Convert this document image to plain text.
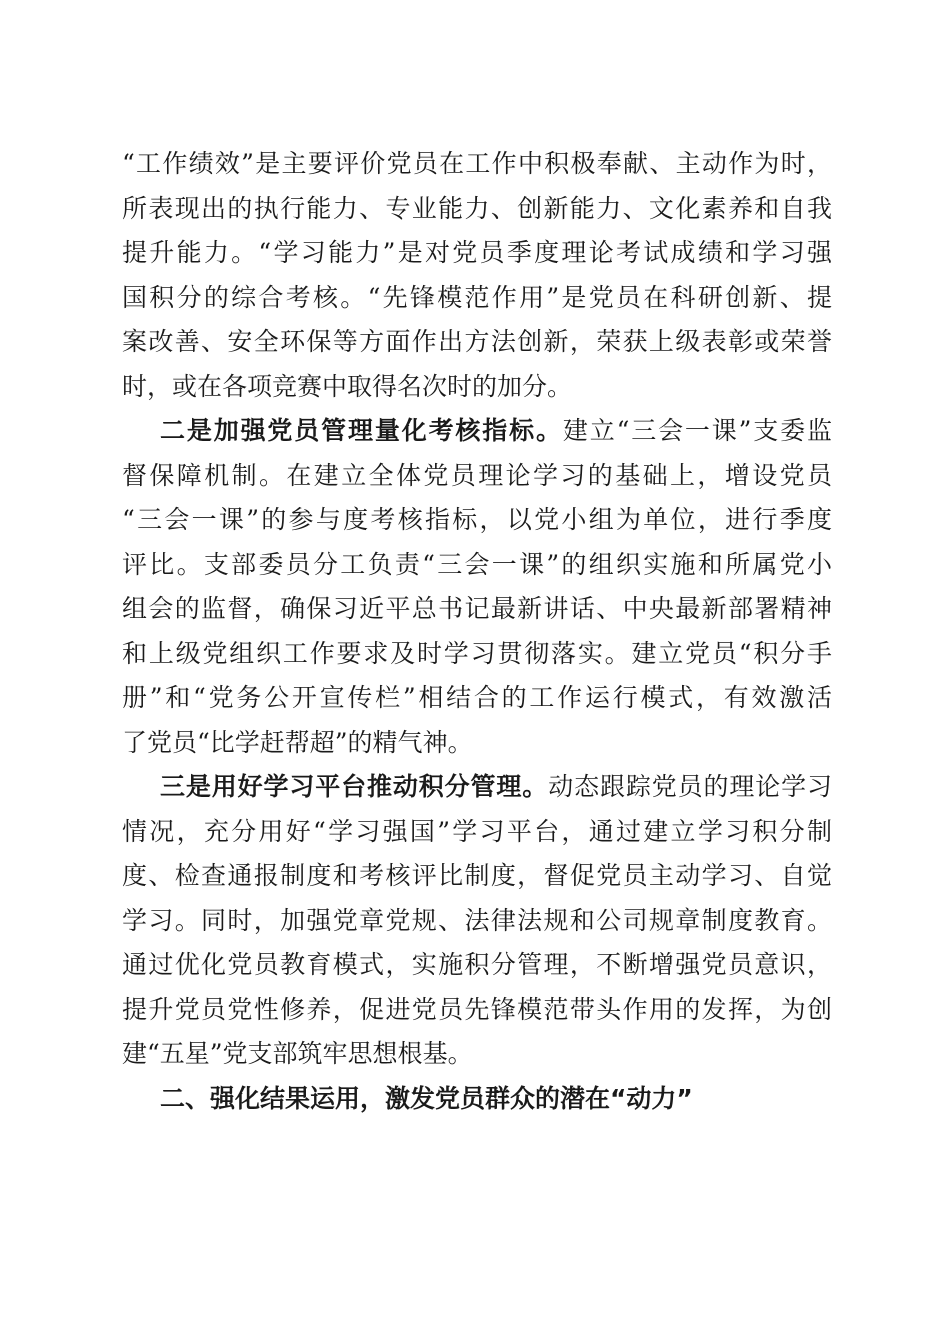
“工作绩效”是主要评价党员在工作中积极奉献、主动作为时，
所表现出的执行能力、专业能力、创新能力、文化素养和自我
提升能力。“学习能力”是对党员季度理论考试成绩和学习强
国积分的综合考核。“先锋模范作用”是党员在科研创新、提
案改善、安全环保等方面作出方法创新，荣获上级表彰或荣誉
时，或在各项竞赛中取得名次时的加分。
二是加强党员管理量化考核指标。建立“三会一课”支委监
督保障机制。在建立全体党员理论学习的基础上，增设党员
“三会一课”的参与度考核指标，以党小组为单位，进行季度
评比。支部委员分工负责“三会一课”的组织实施和所属党小
组会的监督，确保习近平总书记最新讲话、中央最新部署精神
和上级党组织工作要求及时学习贯彻落实。建立党员“积分手
册”和“党务公开宣传栏”相结合的工作运行模式，有效激活
了党员“比学赶帮超”的精气神。
三是用好学习平台推动积分管理。动态跟踪党员的理论学习
情况，充分用好“学习强国”学习平台，通过建立学习积分制
度、检查通报制度和考核评比制度，督促党员主动学习、自觉
学习。同时，加强党章党规、法律法规和公司规章制度教育。
通过优化党员教育模式，实施积分管理，不断增强党员意识，
提升党员党性修养，促进党员先锋模范带头作用的发挥，为创
建“五星”党支部筑牢思想根基。
二、强化结果运用，激发党员群众的潜在“动力”
